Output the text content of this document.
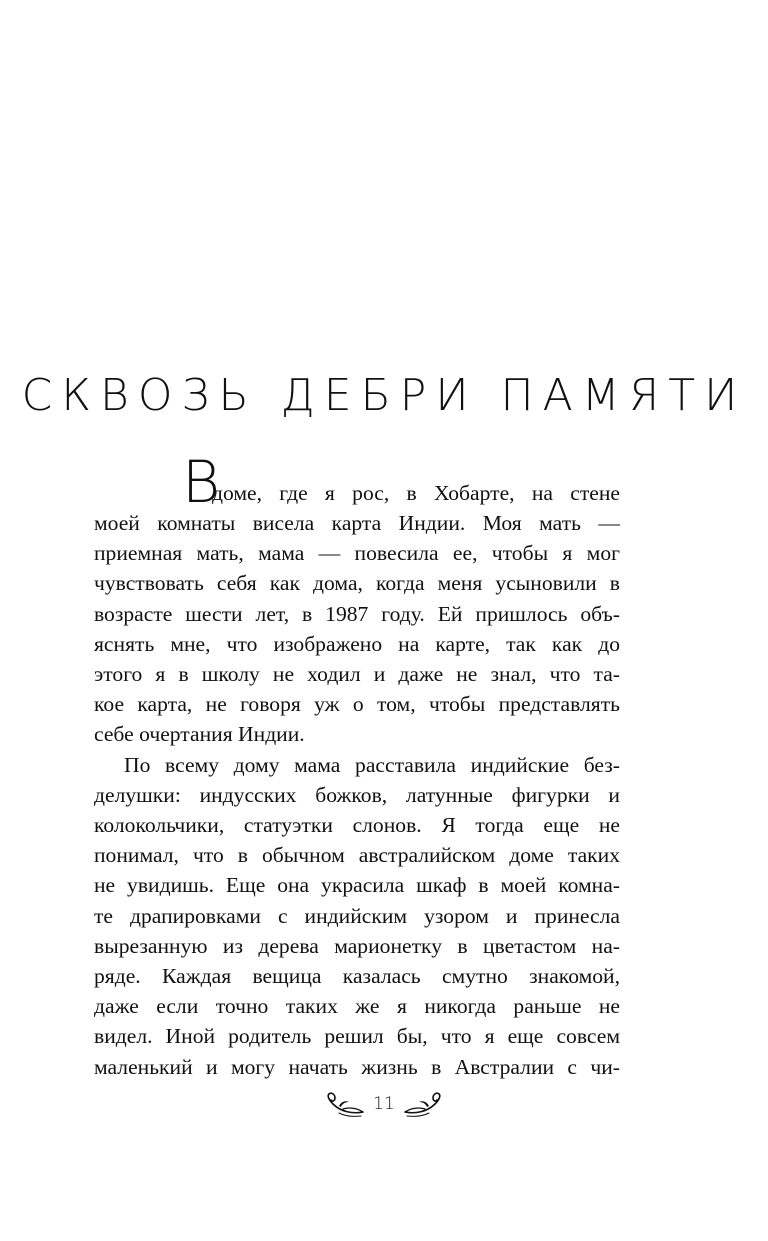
СКВОЗЬ ДЕБРИ ПАМЯТИ
В
доме, где я рос, в Хобарте, на стене
моей комнаты висела карта Индии. Моя мать —
приемная мать, мама — повесила ее, чтобы я мог
чувствовать себя как дома, когда меня усыновили в
возрасте шести лет, в 1987 году. Ей пришлось объ-
яснять мне, что изображено на карте, так как до
этого я в школу не ходил и даже не знал, что та-
кое карта, не говоря уж о том, чтобы представлять
себе очертания Индии.
По всему дому мама расставила индийские без-
делушки: индусских божков, латунные фигурки и
колокольчики, статуэтки слонов. Я тогда еще не
понимал, что в обычном австралийском доме таких
не увидишь. Еще она украсила шкаф в моей комна-
те драпировками с индийским узором и принесла
вырезанную из дерева марионетку в цветастом на-
ряде. Каждая вещица казалась смутно знакомой,
даже если точно таких же я никогда раньше не
видел. Иной родитель решил бы, что я еще совсем
маленький и могу начать жизнь в Австралии с чи-
11
